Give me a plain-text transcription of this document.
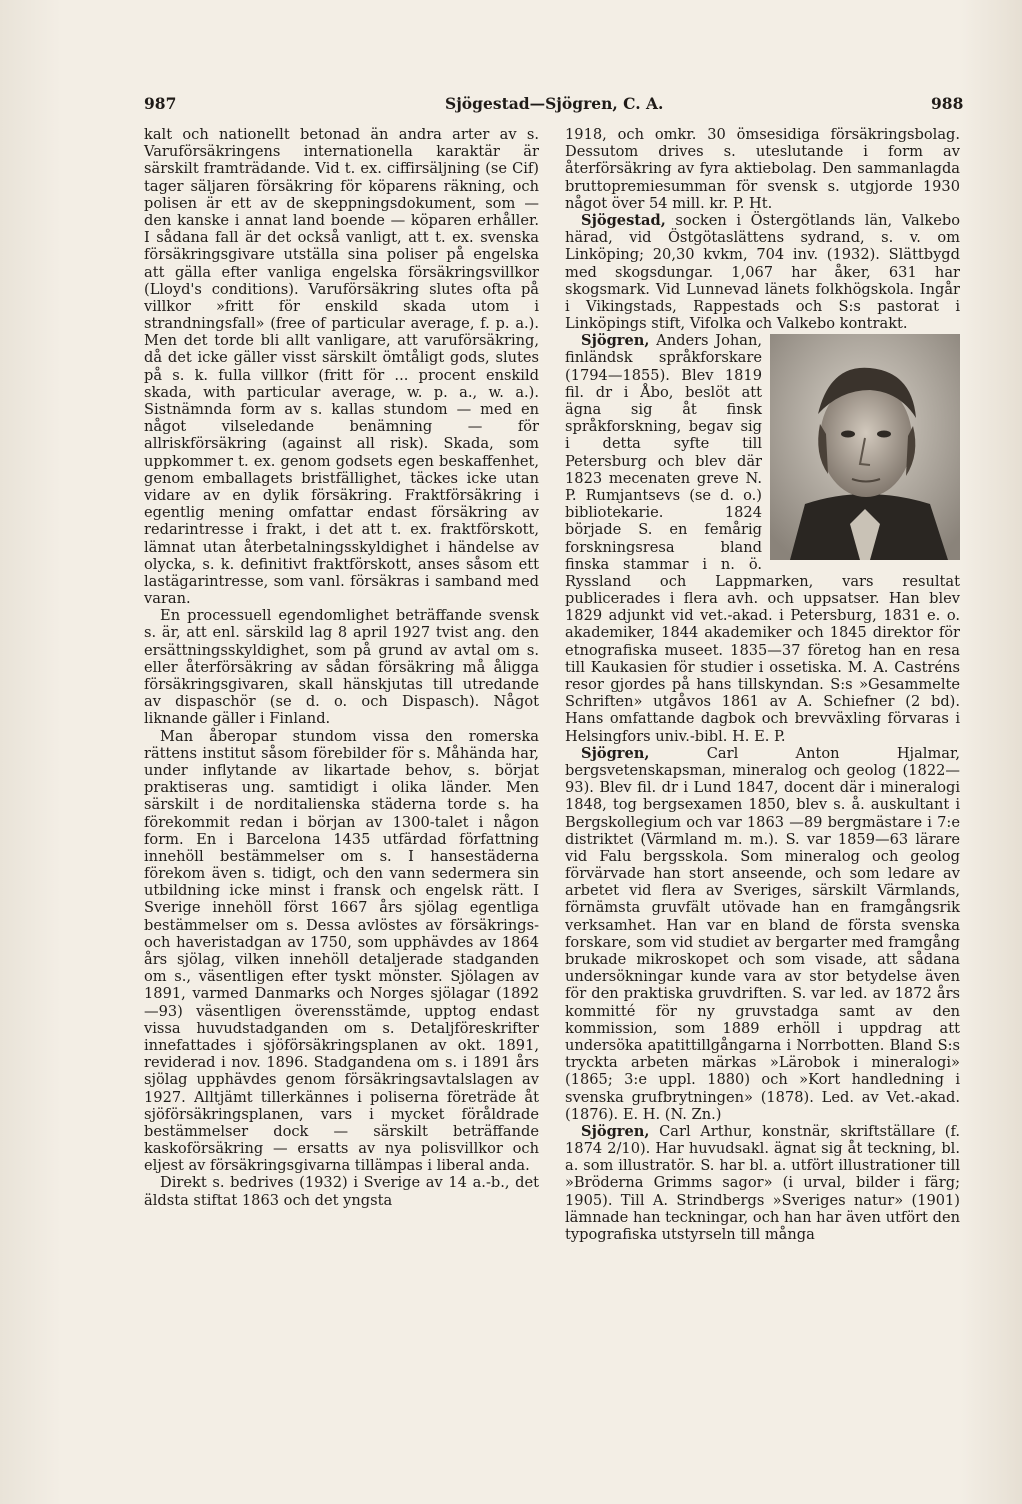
987	Sjögestad—Sjögren, C. A.	988

kalt och nationellt betonad än andra arter av s. Varuförsäkringens internationella karaktär är särskilt framträdande. Vid t. ex. ciffirsäljning (se Cif) tager säljaren försäkring för köparens räkning, och polisen är ett av de skeppningsdokument, som — den kanske i annat land boende — köparen erhåller. I sådana fall är det också vanligt, att t. ex. svenska försäkringsgivare utställa sina poliser på engelska att gälla efter vanliga engelska försäkringsvillkor (Lloyd's conditions). Varuförsäkring slutes ofta på villkor »fritt för enskild skada utom i strandningsfall» (free of particular average, f. p. a.). Men det torde bli allt vanligare, att varuförsäkring, då det icke gäller visst särskilt ömtåligt gods, slutes på s. k. fulla villkor (fritt för ... procent enskild skada, with particular average, w. p. a., w. a.). Sistnämnda form av s. kallas stundom — med en något vilseledande benämning — för allriskförsäkring (against all risk). Skada, som uppkommer t. ex. genom godsets egen beskaffenhet, genom emballagets bristfällighet, täckes icke utan vidare av en dylik försäkring. Fraktförsäkring i egentlig mening omfattar endast försäkring av redarintresse i frakt, i det att t. ex. fraktförskott, lämnat utan återbetalningsskyldighet i händelse av olycka, s. k. definitivt fraktförskott, anses såsom ett lastägarintresse, som vanl. försäkras i samband med varan.

En processuell egendomlighet beträffande svensk s. är, att enl. särskild lag 8 april 1927 tvist ang. den ersättningsskyldighet, som på grund av avtal om s. eller återförsäkring av sådan försäkring må åligga försäkringsgivaren, skall hänskjutas till utredande av dispaschör (se d. o. och Dispasch). Något liknande gäller i Finland.

Man åberopar stundom vissa den romerska rättens institut såsom förebilder för s. Måhända har, under inflytande av likartade behov, s. börjat praktiseras ung. samtidigt i olika länder. Men särskilt i de norditalienska städerna torde s. ha förekommit redan i början av 1300-talet i någon form. En i Barcelona 1435 utfärdad författning innehöll bestämmelser om s. I hansestäderna förekom även s. tidigt, och den vann sedermera sin utbildning icke minst i fransk och engelsk rätt. I Sverige innehöll först 1667 års sjölag egentliga bestämmelser om s. Dessa avlöstes av försäkrings- och haveristadgan av 1750, som upphävdes av 1864 års sjölag, vilken innehöll detaljerade stadganden om s., väsentligen efter tyskt mönster. Sjölagen av 1891, varmed Danmarks och Norges sjölagar (1892—93) väsentligen överensstämde, upptog endast vissa huvudstadganden om s. Detaljföreskrifter innefattades i sjöförsäkringsplanen av okt. 1891, reviderad i nov. 1896. Stadgandena om s. i 1891 års sjölag upphävdes genom försäkringsavtalslagen av 1927. Alltjämt tillerkännes i poliserna företräde åt sjöförsäkringsplanen, vars i mycket föråldrade bestämmelser dock — särskilt beträffande kaskoförsäkring — ersatts av nya polisvillkor och eljest av försäkringsgivarna tillämpas i liberal anda.

Direkt s. bedrives (1932) i Sverige av 14 a.-b., det äldsta stiftat 1863 och det yngsta

1918, och omkr. 30 ömsesidiga försäkringsbolag. Dessutom drives s. uteslutande i form av återförsäkring av fyra aktiebolag. Den sammanlagda bruttopremiesumman för svensk s. utgjorde 1930 något över 54 mill. kr. P. Ht.

Sjögestad, socken i Östergötlands län, Valkebo härad, vid Östgötaslättens sydrand, s. v. om Linköping; 20,30 kvkm, 704 inv. (1932). Slättbygd med skogsdungar. 1,067 har åker, 631 har skogsmark. Vid Lunnevad länets folkhögskola. Ingår i Vikingstads, Rappestads och S:s pastorat i Linköpings stift, Vifolka och Valkebo kontrakt.

Sjögren, Anders Johan, finländsk språkforskare (1794—1855). Blev 1819 fil. dr i Åbo, beslöt att ägna sig åt finsk språkforskning, begav sig i detta syfte till Petersburg och blev där 1823 mecenaten greve N. P. Rumjantsevs (se d. o.) bibliotekarie. 1824 började S. en femårig forskningsresa bland finska stammar i n. ö. Ryssland och Lappmarken, vars resultat publicerades i flera avh. och uppsatser. Han blev 1829 adjunkt vid vet.-akad. i Petersburg, 1831 e. o. akademiker, 1844 akademiker och 1845 direktor för etnografiska museet. 1835—37 företog han en resa till Kaukasien för studier i ossetiska. M. A. Castréns resor gjordes på hans tillskyndan. S:s »Gesammelte Schriften» utgåvos 1861 av A. Schiefner (2 bd). Hans omfattande dagbok och brevväxling förvaras i Helsingfors univ.-bibl. H. E. P.

Sjögren, Carl Anton Hjalmar, bergsvetenskapsman, mineralog och geolog (1822—93). Blev fil. dr i Lund 1847, docent där i mineralogi 1848, tog bergsexamen 1850, blev s. å. auskultant i Bergskollegium och var 1863 —89 bergmästare i 7:e distriktet (Värmland m. m.). S. var 1859—63 lärare vid Falu bergsskola. Som mineralog och geolog förvärvade han stort anseende, och som ledare av arbetet vid flera av Sveriges, särskilt Värmlands, förnämsta gruvfält utövade han en framgångsrik verksamhet. Han var en bland de första svenska forskare, som vid studiet av bergarter med framgång brukade mikroskopet och som visade, att sådana undersökningar kunde vara av stor betydelse även för den praktiska gruvdriften. S. var led. av 1872 års kommitté för ny gruvstadga samt av den kommission, som 1889 erhöll i uppdrag att undersöka apatittillgångarna i Norrbotten. Bland S:s tryckta arbeten märkas »Lärobok i mineralogi» (1865; 3:e uppl. 1880) och »Kort handledning i svenska grufbrytningen» (1878). Led. av Vet.-akad. (1876). E. H. (N. Zn.)

Sjögren, Carl Arthur, konstnär, skriftställare (f. 1874 2/10). Har huvudsakl. ägnat sig åt teckning, bl. a. som illustratör. S. har bl. a. utfört illustrationer till »Bröderna Grimms sagor» (i urval, bilder i färg; 1905). Till A. Strindbergs »Sveriges natur» (1901) lämnade han teckningar, och han har även utfört den typografiska utstyrseln till många
